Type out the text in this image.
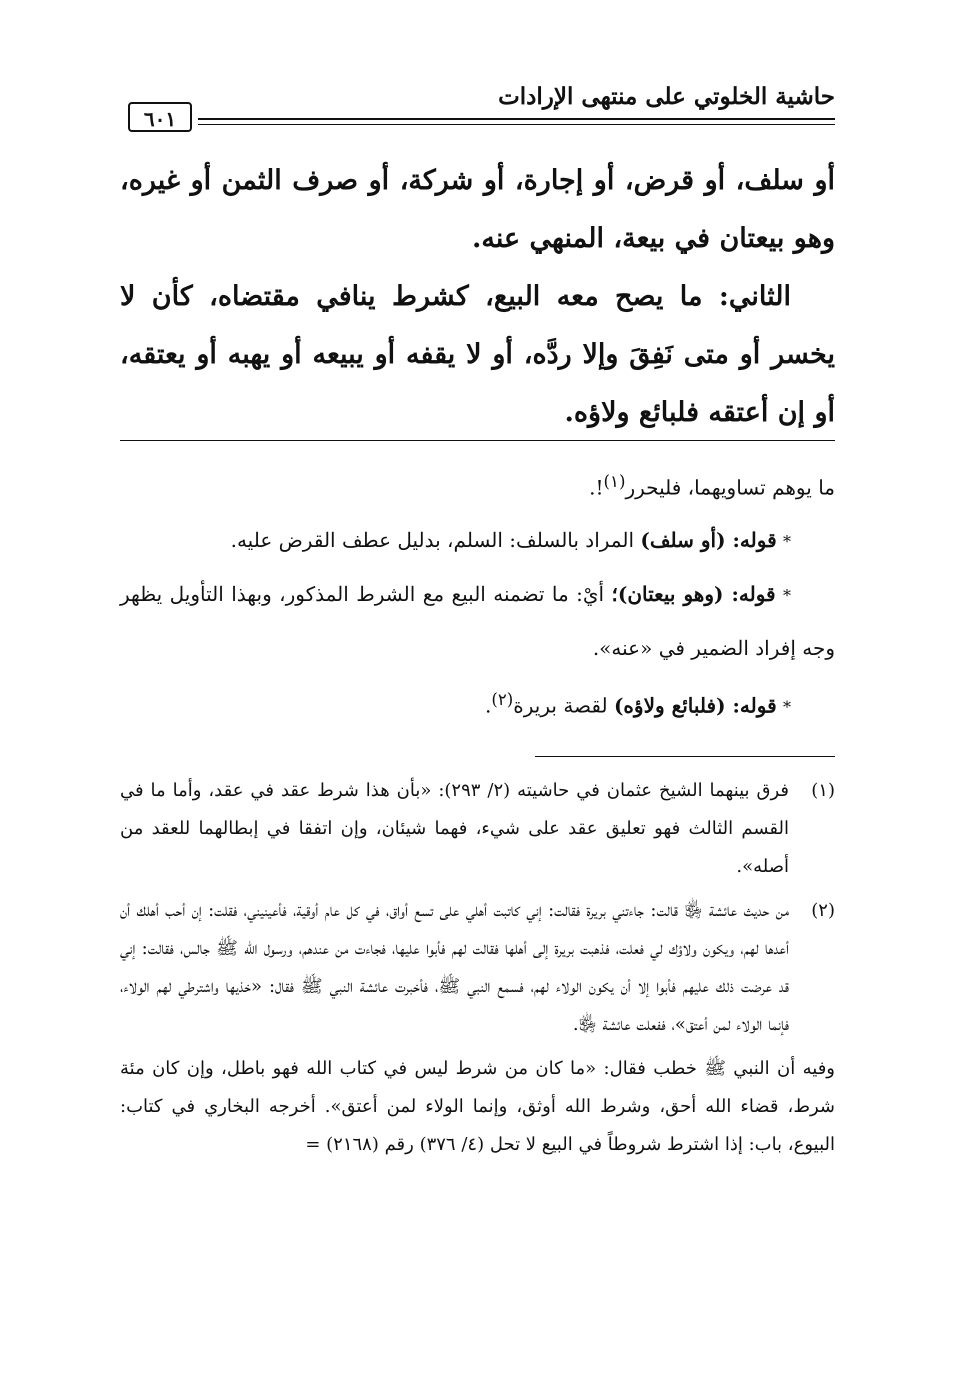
حاشية الخلوتي على منتهى الإرادات
٦٠١

أو سلف، أو قرض، أو إجارة، أو شركة، أو صرف الثمن أو غيره، وهو بيعتان في بيعة، المنهي عنه.

الثاني: ما يصح معه البيع، كشرط ينافي مقتضاه، كأن لا يخسر أو متى نَفِقَ وإلا ردَّه، أو لا يقفه أو يبيعه أو يهبه أو يعتقه، أو إن أعتقه فلبائع ولاؤه.

ما يوهم تساويهما، فليحرر$^{(١)}$!.

* قوله: (أو سلف) المراد بالسلف: السلم، بدليل عطف القرض عليه.

* قوله: (وهو بيعتان)؛ أيْ: ما تضمنه البيع مع الشرط المذكور، وبهذا التأويل يظهر وجه إفراد الضمير في «عنه».

* قوله: (فلبائع ولاؤه) لقصة بريرة$^{(٢)}$.

(١)

فرق بينهما الشيخ عثمان في حاشيته (٢/ ٢٩٣): «بأن هذا شرط عقد في عقد، وأما ما في القسم الثالث فهو تعليق عقد على شيء، فهما شيئان، وإن اتفقا في إبطالهما للعقد من أصله».

(٢)

من حديث عائشة ﵂ قالت: جاءتني بريرة فقالت: إني كاتبت أهلي على تسع أواق، في كل عام أوقية، فأعينيني، فقلت: إن أحب أهلك أن أعدها لهم، ويكون ولاؤك لي فعلت، فذهبت بريرة إلى أهلها فقالت لهم فأبوا عليها، فجاءت من عندهم، ورسول الله ﷺ جالس، فقالت: إني قد عرضت ذلك عليهم فأبوا إلا أن يكون الولاء لهم، فسمع النبي ﷺ، فأخبرت عائشة النبي ﷺ فقال: «خذيها واشترطي لهم الولاء، فإنما الولاء لمن أعتق»، ففعلت عائشة ﵂.

وفيه أن النبي ﷺ خطب فقال: «ما كان من شرط ليس في كتاب الله فهو باطل، وإن كان مئة شرط، قضاء الله أحق، وشرط الله أوثق، وإنما الولاء لمن أعتق». أخرجه البخاري في كتاب: البيوع، باب: إذا اشترط شروطاً في البيع لا تحل (٤/ ٣٧٦) رقم (٢١٦٨) =
